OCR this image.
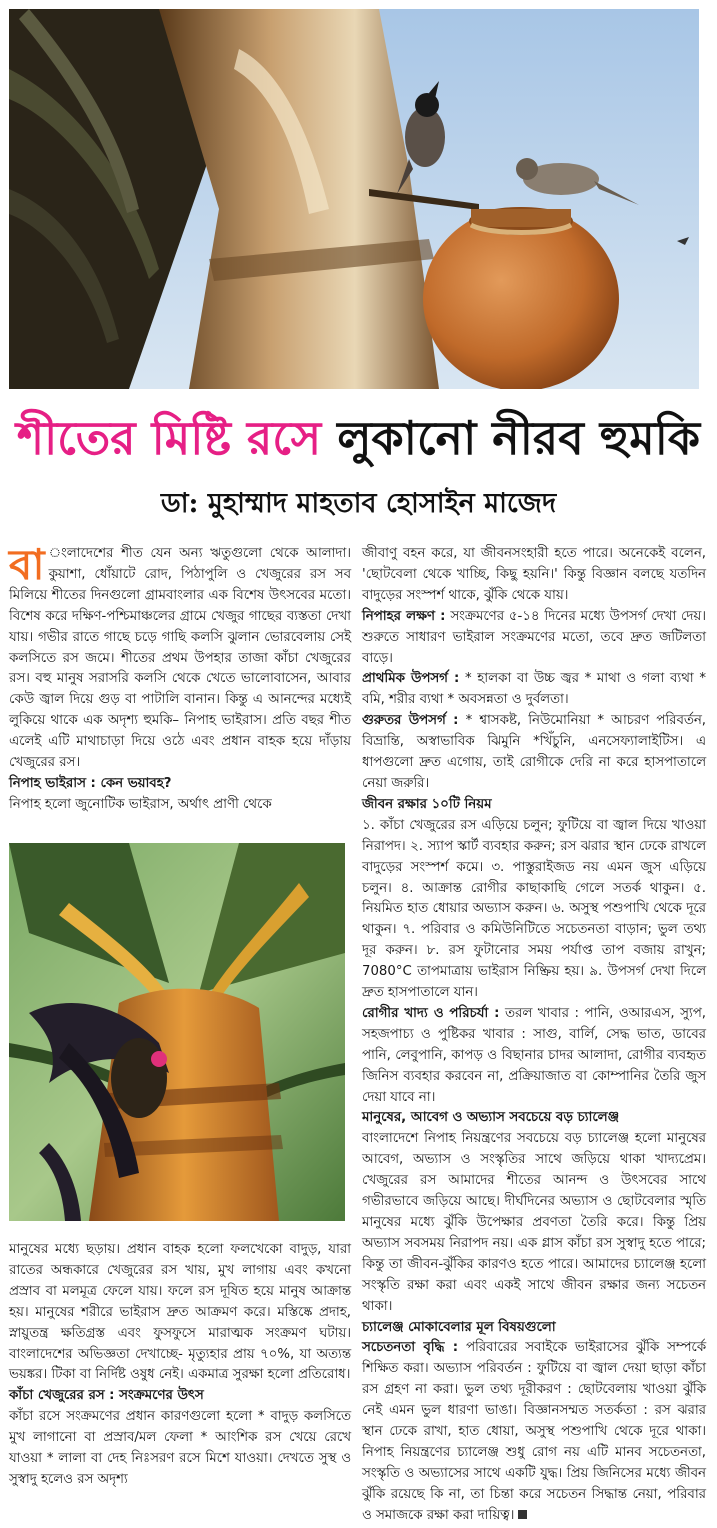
শীতের মিষ্টি রসে লুকানো নীরব হুমকি
ডা: মুহাম্মাদ মাহতাব হোসাইন মাজেদ

বা ংলাদেশের শীত যেন অন্য ঋতুগুলো থেকে আলাদা। কুয়াশা, ধোঁয়াটে রোদ, পিঠাপুলি ও খেজুরের রস সব মিলিয়ে শীতের দিনগুলো গ্রামবাংলার এক বিশেষ উৎসবের মতো। বিশেষ করে দক্ষিণ-পশ্চিমাঞ্চলের গ্রামে খেজুর গাছের ব্যস্ততা দেখা যায়। গভীর রাতে গাছে চড়ে গাছি কলসি ঝুলান ভোরবেলায় সেই কলসিতে রস জমে। শীতের প্রথম উপহার তাজা কাঁচা খেজুরের রস। বহু মানুষ সরাসরি কলসি থেকে খেতে ভালোবাসেন, আবার কেউ জ্বাল দিয়ে গুড় বা পাটালি বানান। কিন্তু এ আনন্দের মধ্যেই লুকিয়ে থাকে এক অদৃশ্য হুমকি– নিপাহ ভাইরাস। প্রতি বছর শীত এলেই এটি মাথাচাড়া দিয়ে ওঠে এবং প্রধান বাহক হয়ে দাঁড়ায় খেজুরের রস।

নিপাহ ভাইরাস : কেন ভয়াবহ?

নিপাহ হলো জুনোটিক ভাইরাস, অর্থাৎ প্রাণী থেকে

মানুষের মধ্যে ছড়ায়। প্রধান বাহক হলো ফলখেকো বাদুড়, যারা রাতের অন্ধকারে খেজুরের রস খায়, মুখ লাগায় এবং কখনো প্রস্রাব বা মলমূত্র ফেলে যায়। ফলে রস দূষিত হয়ে মানুষ আক্রান্ত হয়। মানুষের শরীরে ভাইরাস দ্রুত আক্রমণ করে। মস্তিষ্কে প্রদাহ, স্নায়ুতন্ত্র ক্ষতিগ্রস্ত এবং ফুসফুসে মারাত্মক সংক্রমণ ঘটায়। বাংলাদেশের অভিজ্ঞতা দেখাচ্ছে- মৃত্যুহার প্রায় ৭০%, যা অত্যন্ত ভয়ঙ্কর। টিকা বা নির্দিষ্ট ওষুধ নেই। একমাত্র সুরক্ষা হলো প্রতিরোধ।

কাঁচা খেজুরের রস : সংক্রমণের উৎস

কাঁচা রসে সংক্রমণের প্রধান কারণগুলো হলো * বাদুড় কলসিতে মুখ লাগানো বা প্রস্রাব/মল ফেলা * আংশিক রস খেয়ে রেখে যাওয়া * লালা বা দেহ নিঃসরণ রসে মিশে যাওয়া। দেখতে সুস্থ ও সুস্বাদু হলেও রস অদৃশ্য

জীবাণু বহন করে, যা জীবনসংহারী হতে পারে। অনেকেই বলেন, 'ছোটবেলা থেকে খাচ্ছি, কিছু হয়নি।' কিন্তু বিজ্ঞান বলছে যতদিন বাদুড়ের সংস্পর্শ থাকে, ঝুঁকি থেকে যায়।

নিপাহর লক্ষণ : সংক্রমণের ৫-১৪ দিনের মধ্যে উপসর্গ দেখা দেয়। শুরুতে সাধারণ ভাইরাল সংক্রমণের মতো, তবে দ্রুত জটিলতা বাড়ে।

প্রাথমিক উপসর্গ : * হালকা বা উচ্চ জ্বর * মাথা ও গলা ব্যথা * বমি, শরীর ব্যথা * অবসন্নতা ও দুর্বলতা।

গুরুতর উপসর্গ : * শ্বাসকষ্ট, নিউমোনিয়া * আচরণ পরিবর্তন, বিভ্রান্তি, অস্বাভাবিক ঝিমুনি *খিঁচুনি, এনসেফ্যালাইটিস। এ ধাপগুলো দ্রুত এগোয়, তাই রোগীকে দেরি না করে হাসপাতালে নেয়া জরুরি।

জীবন রক্ষার ১০টি নিয়ম

১. কাঁচা খেজুরের রস এড়িয়ে চলুন; ফুটিয়ে বা জ্বাল দিয়ে খাওয়া নিরাপদ। ২. স্যাপ স্কার্ট ব্যবহার করুন; রস ঝরার স্থান ঢেকে রাখলে বাদুড়ের সংস্পর্শ কমে। ৩. পাস্তুরাইজড নয় এমন জুস এড়িয়ে চলুন। ৪. আক্রান্ত রোগীর কাছাকাছি গেলে সতর্ক থাকুন। ৫. নিয়মিত হাত ধোয়ার অভ্যাস করুন। ৬. অসুস্থ পশুপাখি থেকে দূরে থাকুন। ৭. পরিবার ও কমিউনিটিতে সচেতনতা বাড়ান; ভুল তথ্য দূর করুন। ৮. রস ফুটানোর সময় পর্যাপ্ত তাপ বজায় রাখুন; 7080°C তাপমাত্রায় ভাইরাস নিষ্ক্রিয় হয়। ৯. উপসর্গ দেখা দিলে দ্রুত হাসপাতালে যান।

রোগীর খাদ্য ও পরিচর্যা : তরল খাবার : পানি, ওআরএস, স্যুপ, সহজপাচ্য ও পুষ্টিকর খাবার : সাগু, বার্লি, সেদ্ধ ভাত, ডাবের পানি, লেবুপানি, কাপড় ও বিছানার চাদর আলাদা, রোগীর ব্যবহৃত জিনিস ব্যবহার করবেন না, প্রক্রিয়াজাত বা কোম্পানির তৈরি জুস দেয়া যাবে না।

মানুষের, আবেগ ও অভ্যাস সবচেয়ে বড় চ্যালেঞ্জ

বাংলাদেশে নিপাহ নিয়ন্ত্রণের সবচেয়ে বড় চ্যালেঞ্জ হলো মানুষের আবেগ, অভ্যাস ও সংস্কৃতির সাথে জড়িয়ে থাকা খাদ্যপ্রেম। খেজুরের রস আমাদের শীতের আনন্দ ও উৎসবের সাথে গভীরভাবে জড়িয়ে আছে। দীর্ঘদিনের অভ্যাস ও ছোটবেলার স্মৃতি মানুষের মধ্যে ঝুঁকি উপেক্ষার প্রবণতা তৈরি করে। কিন্তু প্রিয় অভ্যাস সবসময় নিরাপদ নয়। এক গ্লাস কাঁচা রস সুস্বাদু হতে পারে; কিন্তু তা জীবন-ঝুঁকির কারণও হতে পারে। আমাদের চ্যালেঞ্জ হলো সংস্কৃতি রক্ষা করা এবং একই সাথে জীবন রক্ষার জন্য সচেতন থাকা।

চ্যালেঞ্জ মোকাবেলার মূল বিষয়গুলো

সচেতনতা বৃদ্ধি : পরিবারের সবাইকে ভাইরাসের ঝুঁকি সম্পর্কে শিক্ষিত করা। অভ্যাস পরিবর্তন : ফুটিয়ে বা জ্বাল দেয়া ছাড়া কাঁচা রস গ্রহণ না করা। ভুল তথ্য দূরীকরণ : ছোটবেলায় খাওয়া ঝুঁকি নেই এমন ভুল ধারণা ভাঙা। বিজ্ঞানসম্মত সতর্কতা : রস ঝরার স্থান ঢেকে রাখা, হাত ধোয়া, অসুস্থ পশুপাখি থেকে দূরে থাকা। নিপাহ নিয়ন্ত্রণের চ্যালেঞ্জ শুধু রোগ নয় এটি মানব সচেতনতা, সংস্কৃতি ও অভ্যাসের সাথে একটি যুদ্ধ। প্রিয় জিনিসের মধ্যে জীবন ঝুঁকি রয়েছে কি না, তা চিন্তা করে সচেতন সিদ্ধান্ত নেয়া, পরিবার ও সমাজকে রক্ষা করা দায়িত্ব।
